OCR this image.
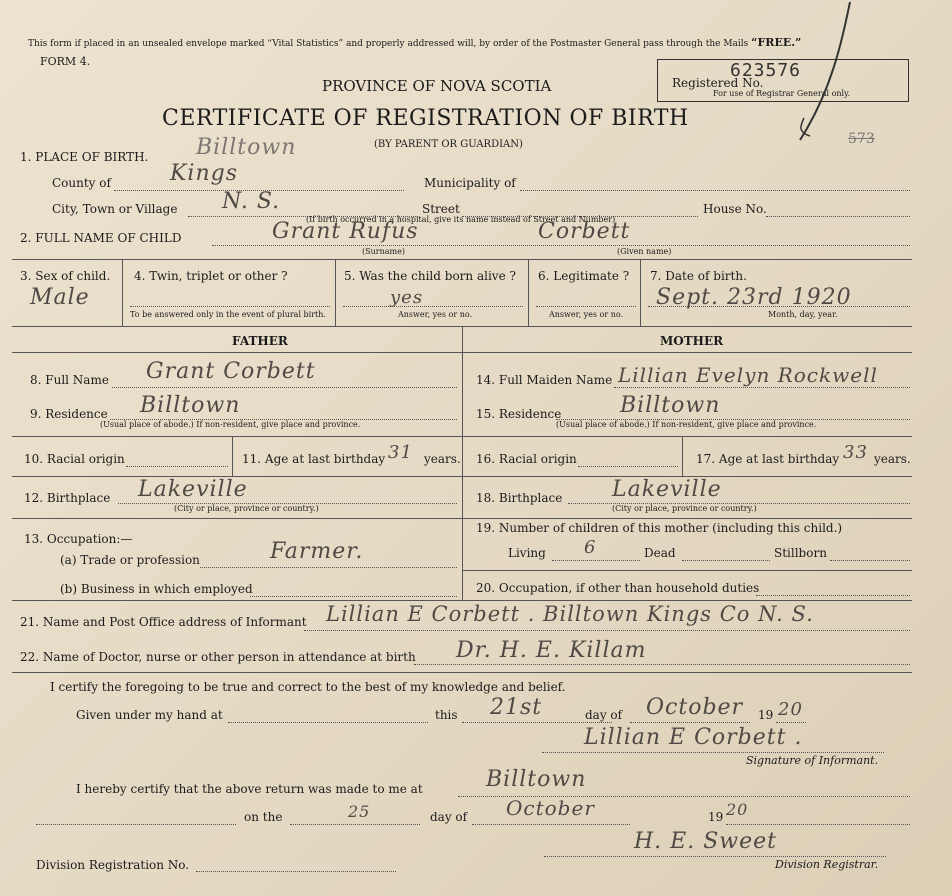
This form if placed in an unsealed envelope marked “Vital Statistics” and properly addressed will, by order of the Postmaster General pass through the Mails “FREE.”
FORM 4.
PROVINCE OF NOVA SCOTIA
CERTIFICATE OF REGISTRATION OF BIRTH
(BY PARENT OR GUARDIAN)
Registered No.
623576
For use of Registrar General only.
573
1. PLACE OF BIRTH. Billtown
County of	Kings	Municipality of
City, Town or Village N. S.	Street	House No.
(If birth occurred in a hospital, give its name instead of Street and Number)
2. FULL NAME OF CHILD	Grant Rufus	Corbett
(Surname)	(Given name)
3. Sex of child.
Male
4. Twin, triplet or other ?
To be answered only in the event of plural birth.
5. Was the child born alive ?
yes
Answer, yes or no.
6. Legitimate ?
Answer, yes or no.
7. Date of birth.
Sept. 23rd 1920
Month, day, year.
FATHER	MOTHER
8. Full Name Grant Corbett
9. Residence Billtown
(Usual place of abode.) If non-resident, give place and province.
10. Racial origin	11. Age at last birthday 31 years.
12. Birthplace Lakeville
(City or place, province or country.)
13. Occupation:—
(a) Trade or profession	Farmer.
(b) Business in which employed
14. Full Maiden Name Lillian Evelyn Rockwell
15. Residence	Billtown
(Usual place of abode.) If non-resident, give place and province.
16. Racial origin	17. Age at last birthday 33 years.
18. Birthplace Lakeville
(City or place, province or country.)
19. Number of children of this mother (including this child.)
Living 6	Dead	Stillborn
20. Occupation, if other than household duties
21. Name and Post Office address of Informant Lillian E Corbett . Billtown Kings Co N. S.
22. Name of Doctor, nurse or other person in attendance at birth Dr. H. E. Killam
I certify the foregoing to be true and correct to the best of my knowledge and belief.
Given under my hand at	this 21st	day of October 19 20
Lillian E Corbett .
Signature of Informant.
I hereby certify that the above return was made to me at	Billtown
on the	25	day of October	19 20
H. E. Sweet
Division Registration No.	Division Registrar.
